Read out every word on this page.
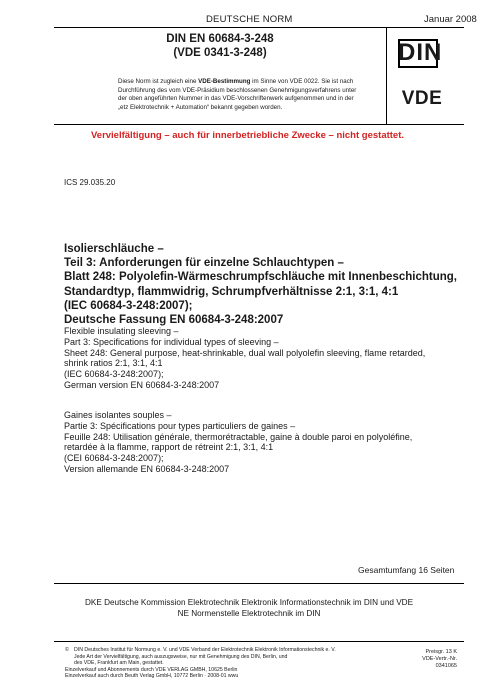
DEUTSCHE NORM	Januar 2008
DIN EN 60684-3-248
(VDE 0341-3-248)
Diese Norm ist zugleich eine VDE-Bestimmung im Sinne von VDE 0022. Sie ist nach
Durchführung des vom VDE-Präsidium beschlossenen Genehmigungsverfahrens unter
der oben angeführten Nummer in das VDE-Vorschriftenwerk aufgenommen und in der
„etz Elektrotechnik + Automation“ bekannt gegeben worden.
DIN
VDE
Vervielfältigung – auch für innerbetriebliche Zwecke – nicht gestattet.
ICS 29.035.20
Isolierschläuche –
Teil 3: Anforderungen für einzelne Schlauchtypen –
Blatt 248: Polyolefin-Wärmeschrumpfschläuche mit Innenbeschichtung,
Standardtyp, flammwidrig, Schrumpfverhältnisse 2:1, 3:1, 4:1
(IEC 60684-3-248:2007);
Deutsche Fassung EN 60684-3-248:2007
Flexible insulating sleeving –
Part 3: Specifications for individual types of sleeving –
Sheet 248: General purpose, heat-shrinkable, dual wall polyolefin sleeving, flame retarded,
shrink ratios 2:1, 3:1, 4:1
(IEC 60684-3-248:2007);
German version EN 60684-3-248:2007
Gaines isolantes souples –
Partie 3: Spécifications pour types particuliers de gaines –
Feuille 248: Utilisation générale, thermorétractable, gaine à double paroi en polyoléfine,
retardée à la flamme, rapport de rétreint 2:1, 3:1, 4:1
(CEI 60684-3-248:2007);
Version allemande EN 60684-3-248:2007
Gesamtumfang 16 Seiten
DKE Deutsche Kommission Elektrotechnik Elektronik Informationstechnik im DIN und VDE
NE Normenstelle Elektrotechnik im DIN
© DIN Deutsches Institut für Normung e. V. und VDE Verband der Elektrotechnik Elektronik Informationstechnik e. V.
Jede Art der Vervielfältigung, auch auszugsweise, nur mit Genehmigung des DIN, Berlin, und
des VDE, Frankfurt am Main, gestattet.
Einzelverkauf und Abonnements durch VDE VERLAG GMBH, 10625 Berlin
Einzelverkauf auch durch Beuth Verlag GmbH, 10772 Berlin · 2008-01 wwu
Preisgr. 13 K
VDE-Vertr.-Nr. 0341065
